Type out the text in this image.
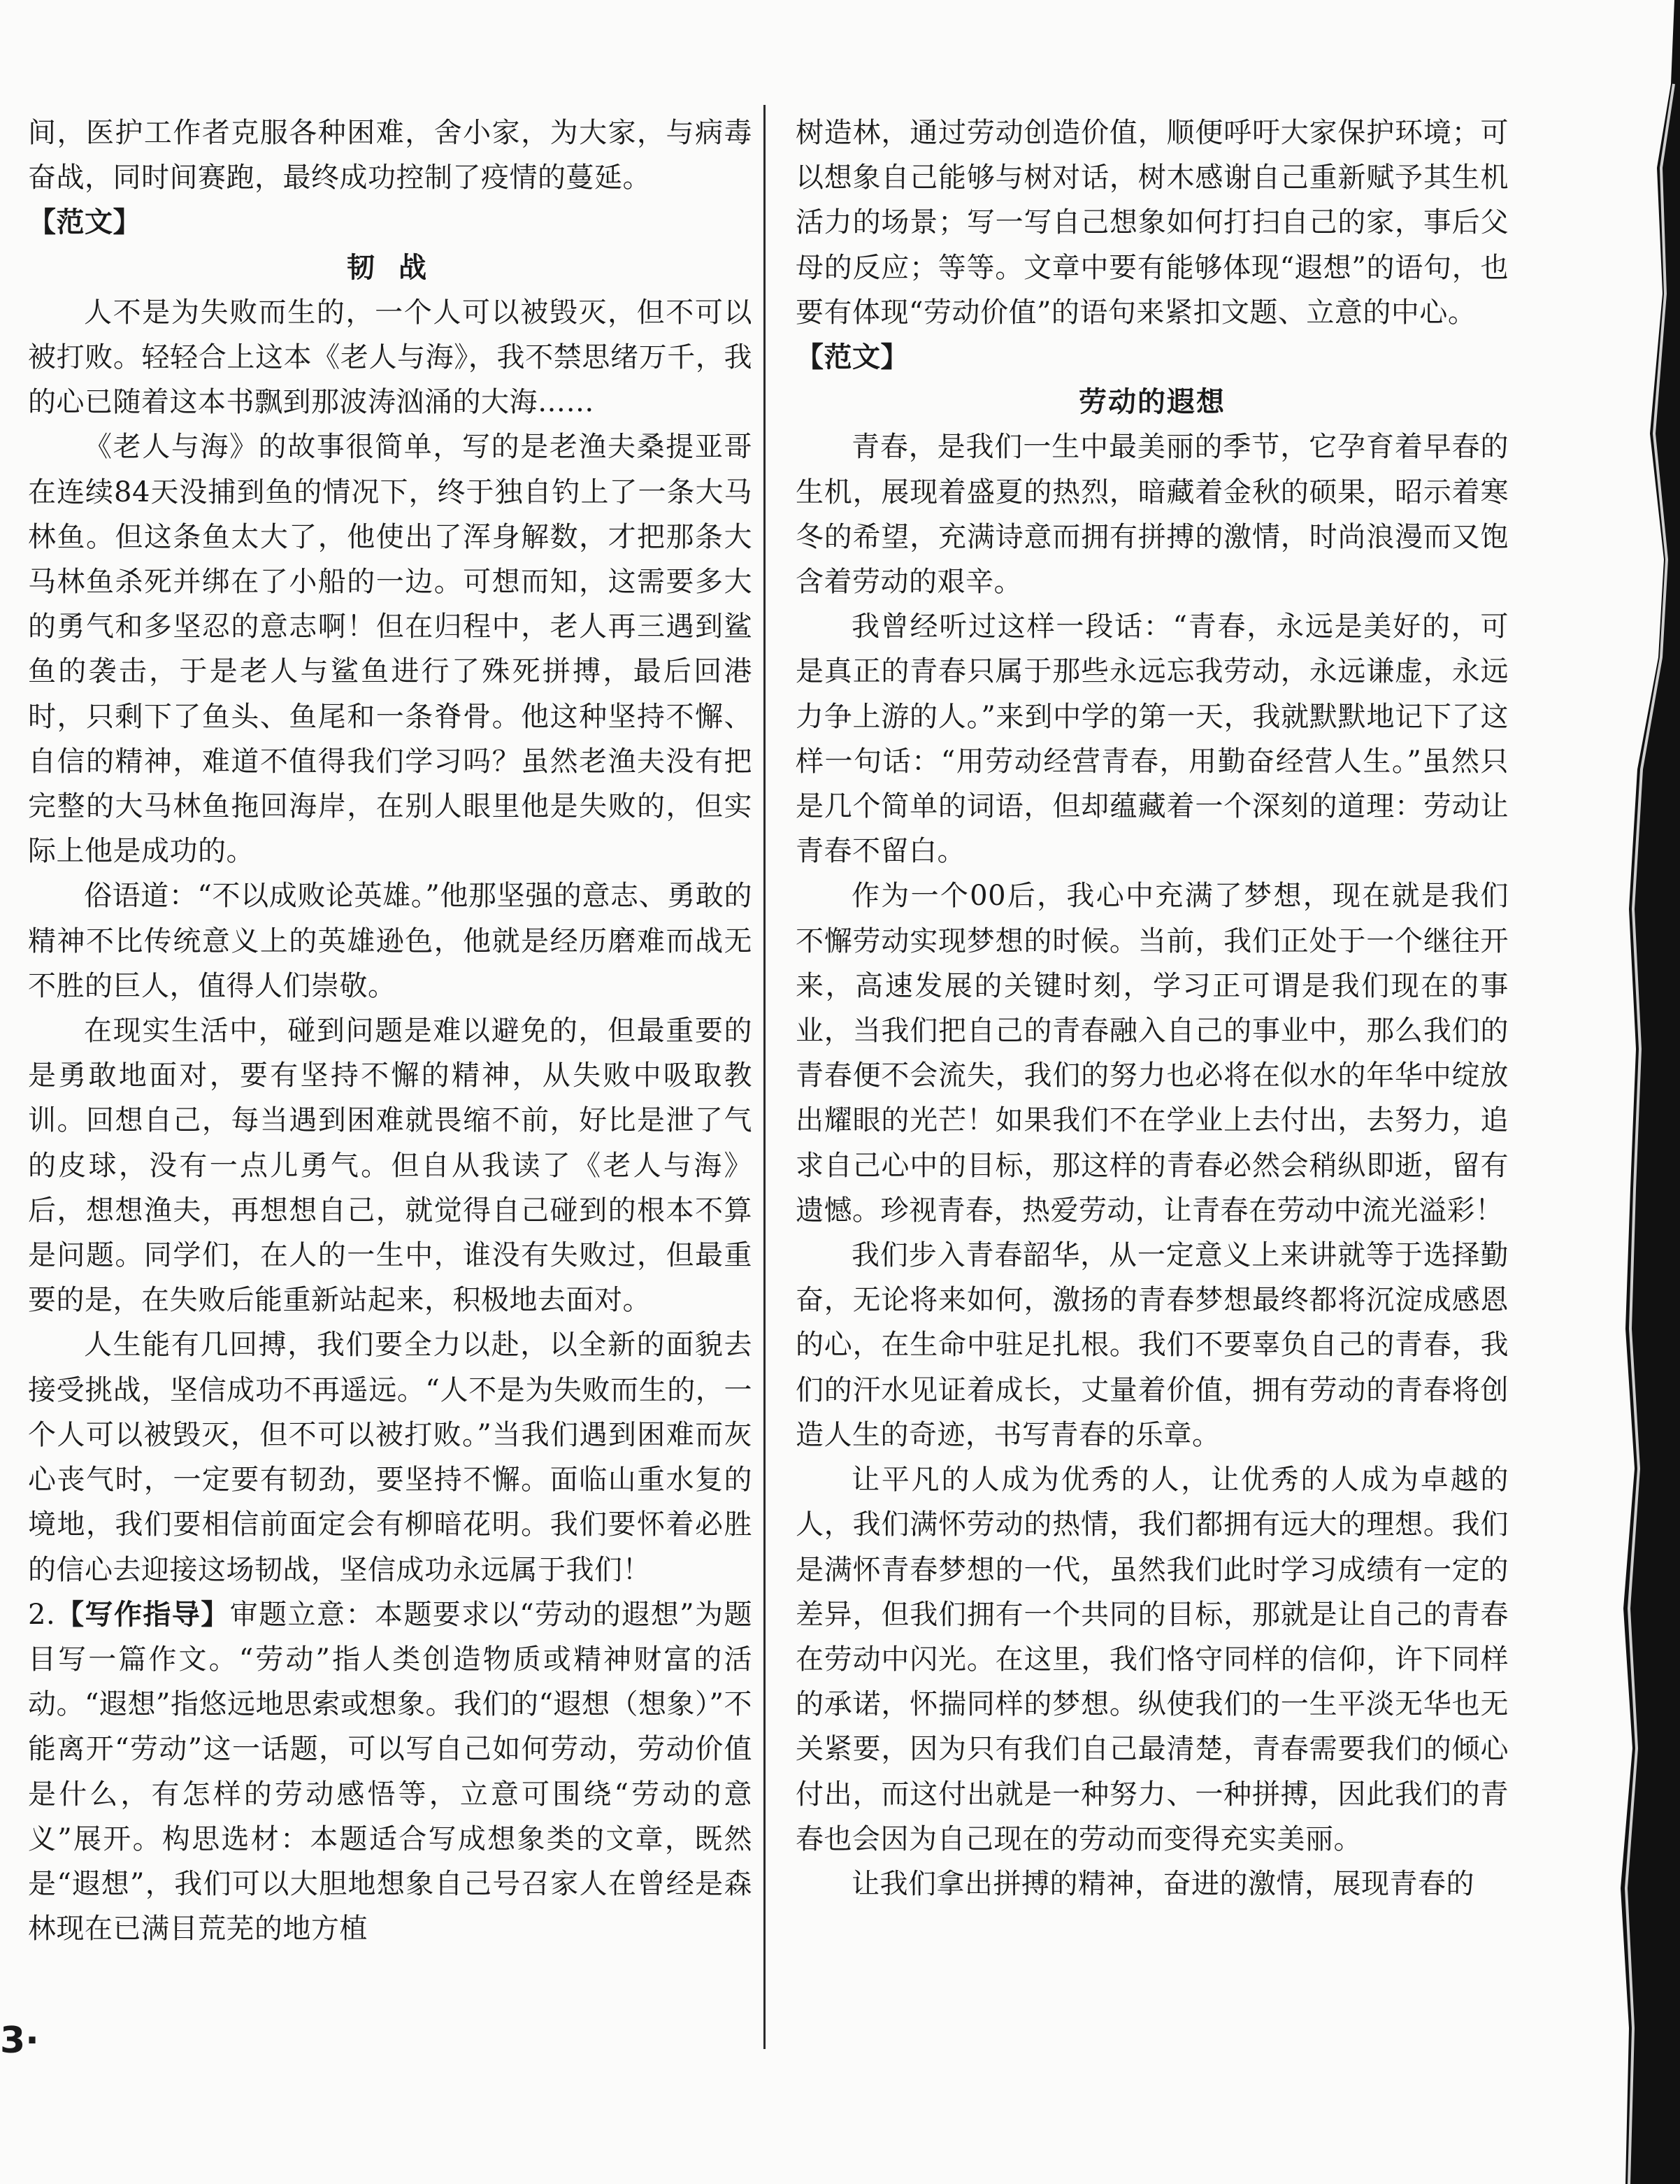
间，医护工作者克服各种困难，舍小家，为大家，与病毒奋战，同时间赛跑，最终成功控制了疫情的蔓延。

【范文】

韧 战

人不是为失败而生的，一个人可以被毁灭，但不可以被打败。轻轻合上这本《老人与海》，我不禁思绪万千，我的心已随着这本书飘到那波涛汹涌的大海……

《老人与海》的故事很简单，写的是老渔夫桑提亚哥在连续84天没捕到鱼的情况下，终于独自钓上了一条大马林鱼。但这条鱼太大了，他使出了浑身解数，才把那条大马林鱼杀死并绑在了小船的一边。可想而知，这需要多大的勇气和多坚忍的意志啊！但在归程中，老人再三遇到鲨鱼的袭击，于是老人与鲨鱼进行了殊死拼搏，最后回港时，只剩下了鱼头、鱼尾和一条脊骨。他这种坚持不懈、自信的精神，难道不值得我们学习吗？虽然老渔夫没有把完整的大马林鱼拖回海岸，在别人眼里他是失败的，但实际上他是成功的。

俗语道：“不以成败论英雄。”他那坚强的意志、勇敢的精神不比传统意义上的英雄逊色，他就是经历磨难而战无不胜的巨人，值得人们崇敬。

在现实生活中，碰到问题是难以避免的，但最重要的是勇敢地面对，要有坚持不懈的精神，从失败中吸取教训。回想自己，每当遇到困难就畏缩不前，好比是泄了气的皮球，没有一点儿勇气。但自从我读了《老人与海》后，想想渔夫，再想想自己，就觉得自己碰到的根本不算是问题。同学们，在人的一生中，谁没有失败过，但最重要的是，在失败后能重新站起来，积极地去面对。

人生能有几回搏，我们要全力以赴，以全新的面貌去接受挑战，坚信成功不再遥远。“人不是为失败而生的，一个人可以被毁灭，但不可以被打败。”当我们遇到困难而灰心丧气时，一定要有韧劲，要坚持不懈。面临山重水复的境地，我们要相信前面定会有柳暗花明。我们要怀着必胜的信心去迎接这场韧战，坚信成功永远属于我们！

2.【写作指导】审题立意：本题要求以“劳动的遐想”为题目写一篇作文。“劳动”指人类创造物质或精神财富的活动。“遐想”指悠远地思索或想象。我们的“遐想（想象）”不能离开“劳动”这一话题，可以写自己如何劳动，劳动价值是什么，有怎样的劳动感悟等，立意可围绕“劳动的意义”展开。构思选材：本题适合写成想象类的文章，既然是“遐想”，我们可以大胆地想象自己号召家人在曾经是森林现在已满目荒芜的地方植

树造林，通过劳动创造价值，顺便呼吁大家保护环境；可以想象自己能够与树对话，树木感谢自己重新赋予其生机活力的场景；写一写自己想象如何打扫自己的家，事后父母的反应；等等。文章中要有能够体现“遐想”的语句，也要有体现“劳动价值”的语句来紧扣文题、立意的中心。

【范文】

劳动的遐想

青春，是我们一生中最美丽的季节，它孕育着早春的生机，展现着盛夏的热烈，暗藏着金秋的硕果，昭示着寒冬的希望，充满诗意而拥有拼搏的激情，时尚浪漫而又饱含着劳动的艰辛。

我曾经听过这样一段话：“青春，永远是美好的，可是真正的青春只属于那些永远忘我劳动，永远谦虚，永远力争上游的人。”来到中学的第一天，我就默默地记下了这样一句话：“用劳动经营青春，用勤奋经营人生。”虽然只是几个简单的词语，但却蕴藏着一个深刻的道理：劳动让青春不留白。

作为一个00后，我心中充满了梦想，现在就是我们不懈劳动实现梦想的时候。当前，我们正处于一个继往开来，高速发展的关键时刻，学习正可谓是我们现在的事业，当我们把自己的青春融入自己的事业中，那么我们的青春便不会流失，我们的努力也必将在似水的年华中绽放出耀眼的光芒！如果我们不在学业上去付出，去努力，追求自己心中的目标，那这样的青春必然会稍纵即逝，留有遗憾。珍视青春，热爱劳动，让青春在劳动中流光溢彩！

我们步入青春韶华，从一定意义上来讲就等于选择勤奋，无论将来如何，激扬的青春梦想最终都将沉淀成感恩的心，在生命中驻足扎根。我们不要辜负自己的青春，我们的汗水见证着成长，丈量着价值，拥有劳动的青春将创造人生的奇迹，书写青春的乐章。

让平凡的人成为优秀的人，让优秀的人成为卓越的人，我们满怀劳动的热情，我们都拥有远大的理想。我们是满怀青春梦想的一代，虽然我们此时学习成绩有一定的差异，但我们拥有一个共同的目标，那就是让自己的青春在劳动中闪光。在这里，我们恪守同样的信仰，许下同样的承诺，怀揣同样的梦想。纵使我们的一生平淡无华也无关紧要，因为只有我们自己最清楚，青春需要我们的倾心付出，而这付出就是一种努力、一种拼搏，因此我们的青春也会因为自己现在的劳动而变得充实美丽。

让我们拿出拼搏的精神，奋进的激情，展现青春的

3·
